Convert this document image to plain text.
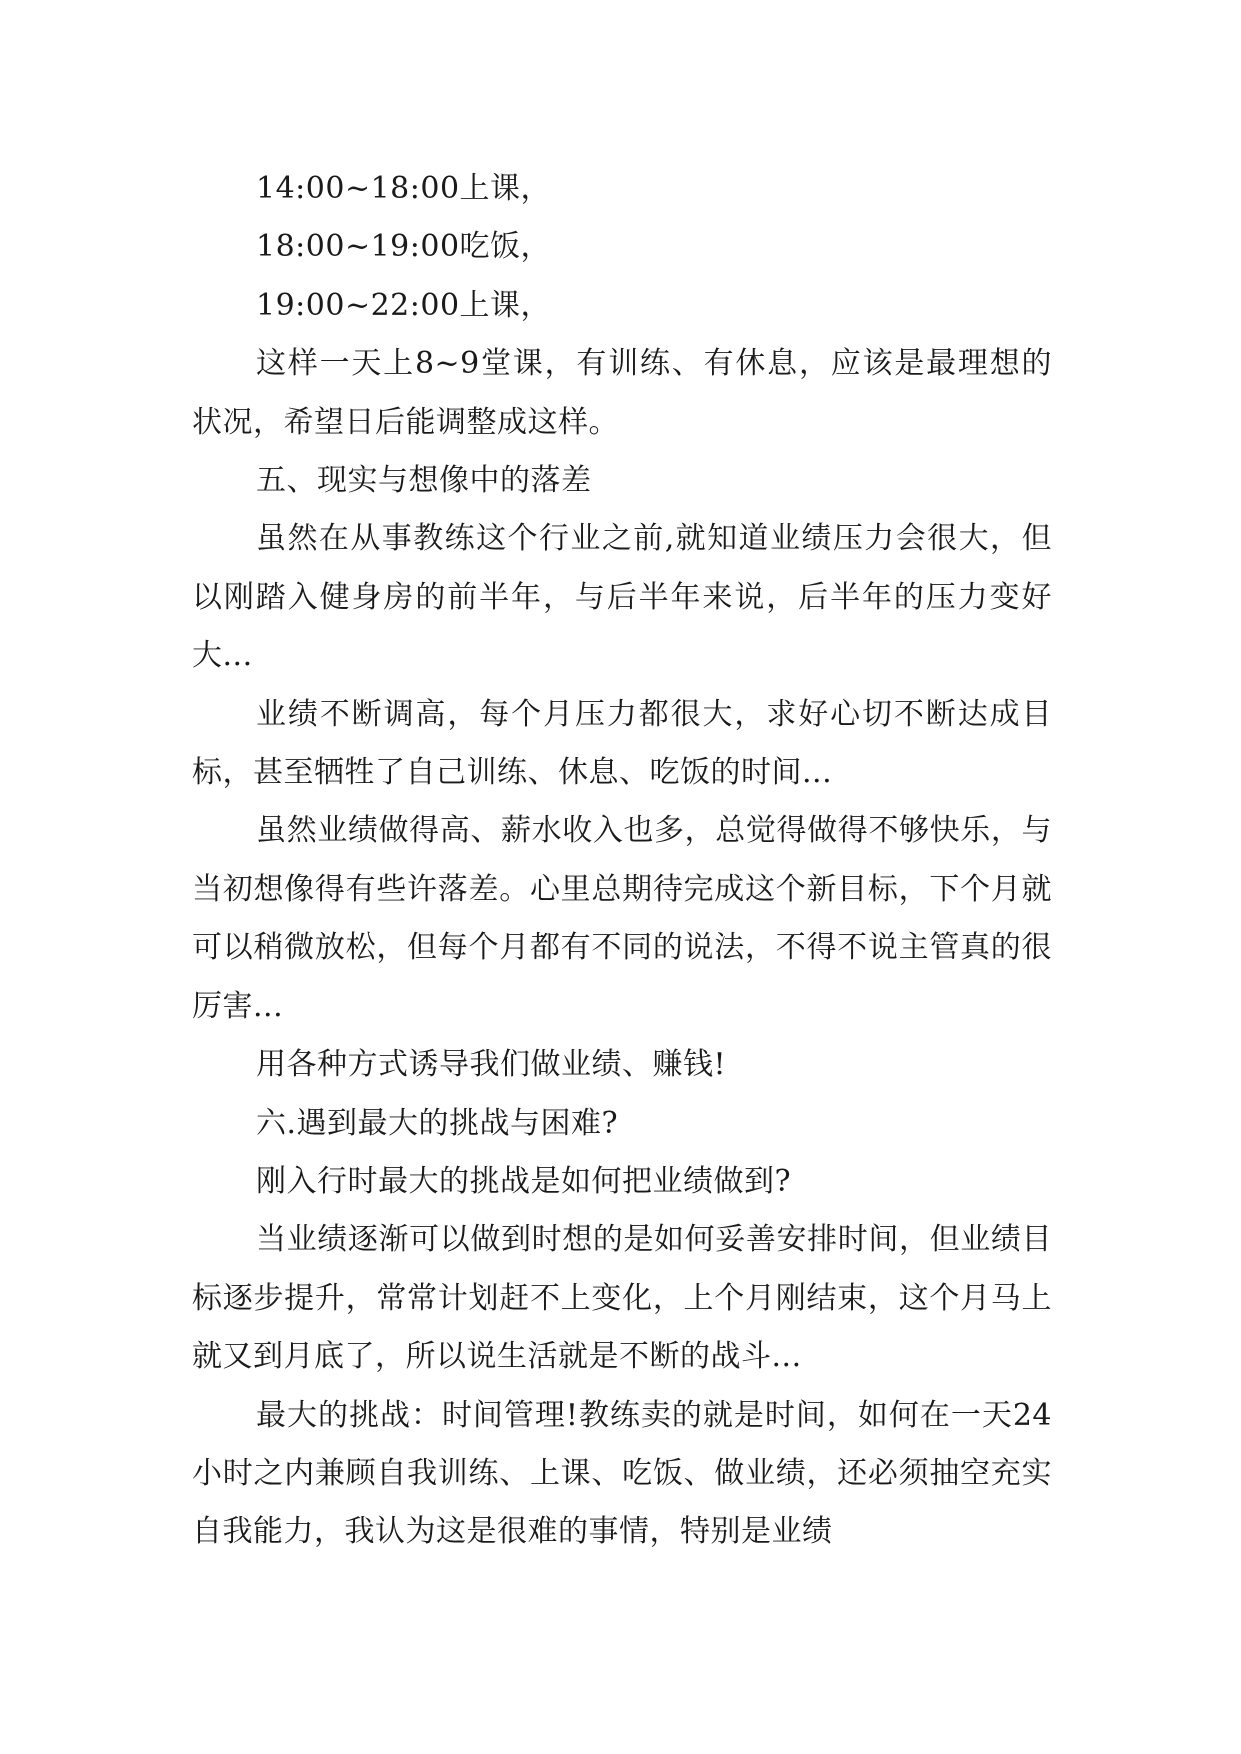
14:00~18:00上课，

18:00~19:00吃饭，

19:00~22:00上课，

这样一天上8~9堂课，有训练、有休息，应该是最理想的状况，希望日后能调整成这样。

五、现实与想像中的落差

虽然在从事教练这个行业之前,就知道业绩压力会很大，但以刚踏入健身房的前半年，与后半年来说，后半年的压力变好大...

业绩不断调高，每个月压力都很大，求好心切不断达成目标，甚至牺牲了自己训练、休息、吃饭的时间...

虽然业绩做得高、薪水收入也多，总觉得做得不够快乐，与当初想像得有些许落差。心里总期待完成这个新目标，下个月就可以稍微放松，但每个月都有不同的说法，不得不说主管真的很厉害...

用各种方式诱导我们做业绩、赚钱!

六.遇到最大的挑战与困难?

刚入行时最大的挑战是如何把业绩做到?

当业绩逐渐可以做到时想的是如何妥善安排时间，但业绩目标逐步提升，常常计划赶不上变化，上个月刚结束，这个月马上就又到月底了，所以说生活就是不断的战斗...

最大的挑战：时间管理!教练卖的就是时间，如何在一天24小时之内兼顾自我训练、上课、吃饭、做业绩，还必须抽空充实自我能力，我认为这是很难的事情，特别是业绩
